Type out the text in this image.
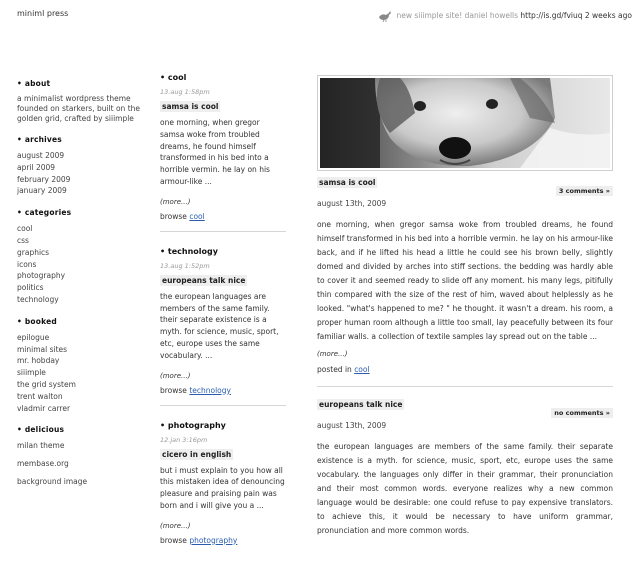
miniml press	new siiimple site! daniel howells
http://is.gd/fviuq
2 weeks ago
• about

a minimalist wordpress theme founded on starkers, built on the golden grid, crafted by siiimple

• archives
august 2009
april 2009
february 2009
january 2009
• categories
cool
css
graphics
icons
photography
politics
technology
• booked
epilogue
minimal sites
mr. hobday
siiimple
the grid system
trent walton
vladmir carrer
• delicious
milan theme
membase.org
background image
• cool
13.aug 1:58pm
samsa is cool
one morning, when gregor samsa woke from troubled dreams, he found himself transformed in his bed into a horrible vermin. he lay on his armour-like ...
(more...)
browse cool
• technology
13.aug 1:52pm
europeans talk nice
the european languages are members of the same family. their separate existence is a myth. for science, music, sport, etc, europe uses the same vocabulary. ...
(more...)
browse technology
• photography
12.jan 3:16pm
cicero in english
but i must explain to you how all this mistaken idea of denouncing pleasure and praising pain was born and i will give you a ...
(more...)
browse photography
samsa is cool
3 comments »
august 13th, 2009
one morning, when gregor samsa woke from troubled dreams, he found himself transformed in his bed into a horrible vermin. he lay on his armour-like back, and if he lifted his head a little he could see his brown belly, slightly domed and divided by arches into stiff sections. the bedding was hardly able to cover it and seemed ready to slide off any moment. his many legs, pitifully thin compared with the size of the rest of him, waved about helplessly as he looked. "what's happened to me? " he thought. it wasn't a dream. his room, a proper human room although a little too small, lay peacefully between its four familiar walls. a collection of textile samples lay spread out on the table ...
(more...)
posted in cool
europeans talk nice
no comments »
august 13th, 2009
the european languages are members of the same family. their separate existence is a myth. for science, music, sport, etc, europe uses the same vocabulary. the languages only differ in their grammar, their pronunciation and their most common words. everyone realizes why a new common language would be desirable: one could refuse to pay expensive translators. to achieve this, it would be necessary to have uniform grammar, pronunciation and more common words.
